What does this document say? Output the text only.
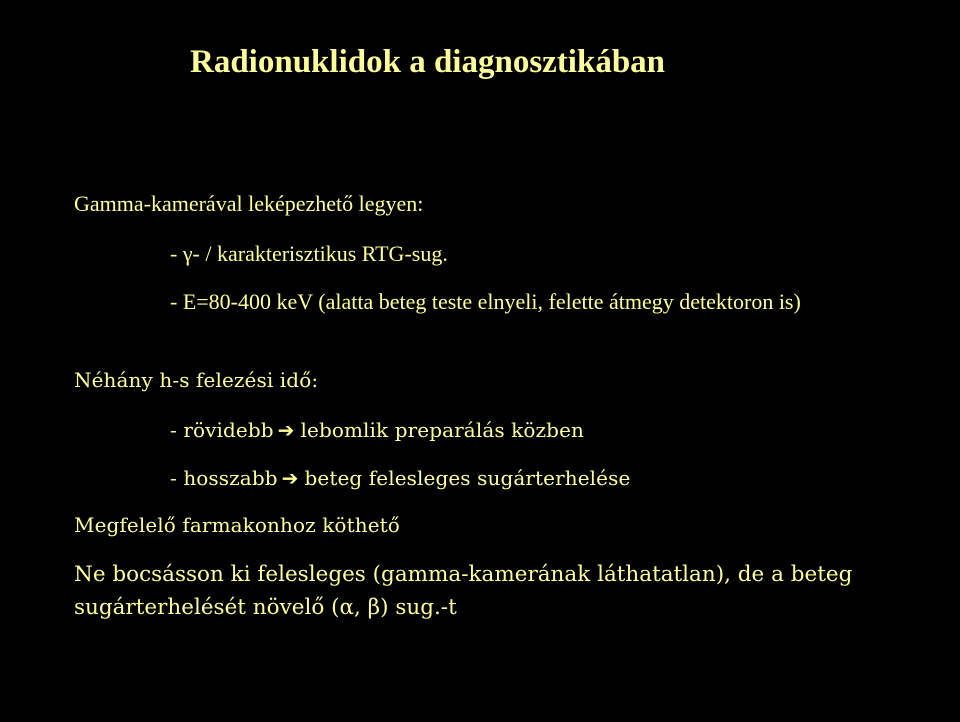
Radionuklidok a diagnosztikában
Gamma-kamerával leképezhető legyen:
- γ- / karakterisztikus RTG-sug.
- E=80-400 keV (alatta beteg teste elnyeli, felette átmegy detektoron is)
Néhány h-s felezési idő:
- rövidebb ➔ lebomlik preparálás közben
- hosszabb ➔ beteg felesleges sugárterhelése
Megfelelő farmakonhoz köthető
Ne bocsásson ki felesleges (gamma-kamerának láthatatlan), de a beteg sugárterhelését növelő (α, β) sug.-t
